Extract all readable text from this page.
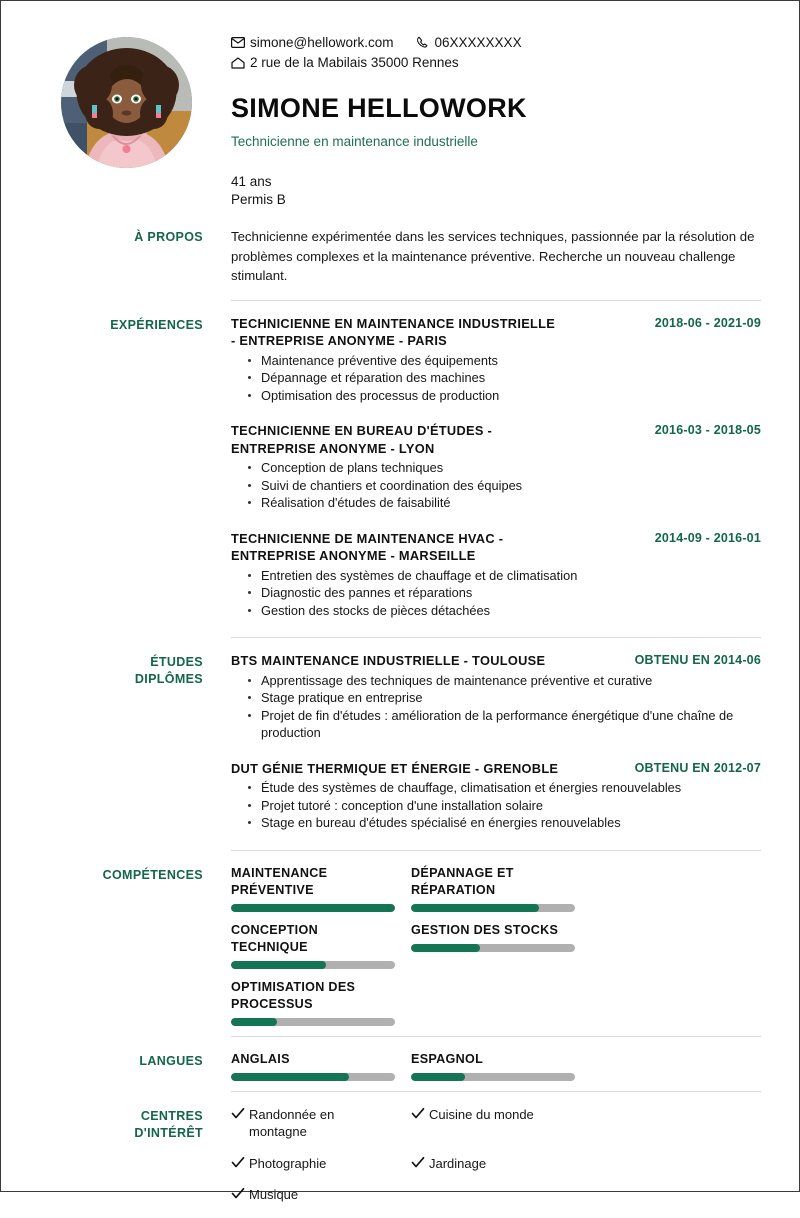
simone@hellowork.com	06XXXXXXXX
2 rue de la Mabilais 35000 Rennes
SIMONE HELLOWORK
Technicienne en maintenance industrielle
41 ans
Permis B
À PROPOS Technicienne expérimentée dans les services techniques, passionnée par la résolution de problèmes complexes et la maintenance préventive. Recherche un nouveau challenge stimulant.
EXPÉRIENCES TECHNICIENNE EN MAINTENANCE INDUSTRIELLE - ENTREPRISE ANONYME - PARIS
2018-06 - 2021-09
Maintenance préventive des équipements
Dépannage et réparation des machines
Optimisation des processus de production
TECHNICIENNE EN BUREAU D'ÉTUDES - ENTREPRISE ANONYME - LYON
2016-03 - 2018-05
Conception de plans techniques
Suivi de chantiers et coordination des équipes
Réalisation d'études de faisabilité
TECHNICIENNE DE MAINTENANCE HVAC - ENTREPRISE ANONYME - MARSEILLE
2014-09 - 2016-01
Entretien des systèmes de chauffage et de climatisation
Diagnostic des pannes et réparations
Gestion des stocks de pièces détachées
ÉTUDES
DIPLÔMES
BTS MAINTENANCE INDUSTRIELLE - TOULOUSE	OBTENU EN 2014-06
Apprentissage des techniques de maintenance préventive et curative
Stage pratique en entreprise
Projet de fin d'études : amélioration de la performance énergétique d'une chaîne de production
DUT GÉNIE THERMIQUE ET ÉNERGIE - GRENOBLE	OBTENU EN 2012-07
Étude des systèmes de chauffage, climatisation et énergies renouvelables
Projet tutoré : conception d'une installation solaire
Stage en bureau d'études spécialisé en énergies renouvelables
COMPÉTENCES MAINTENANCE PRÉVENTIVE
DÉPANNAGE ET RÉPARATION
CONCEPTION TECHNIQUE
GESTION DES STOCKS
OPTIMISATION DES PROCESSUS
LANGUES ANGLAIS	ESPAGNOL
CENTRES
D'INTÉRÊT
Randonnée en montagne
Cuisine du monde
Photographie	Jardinage
Musique
